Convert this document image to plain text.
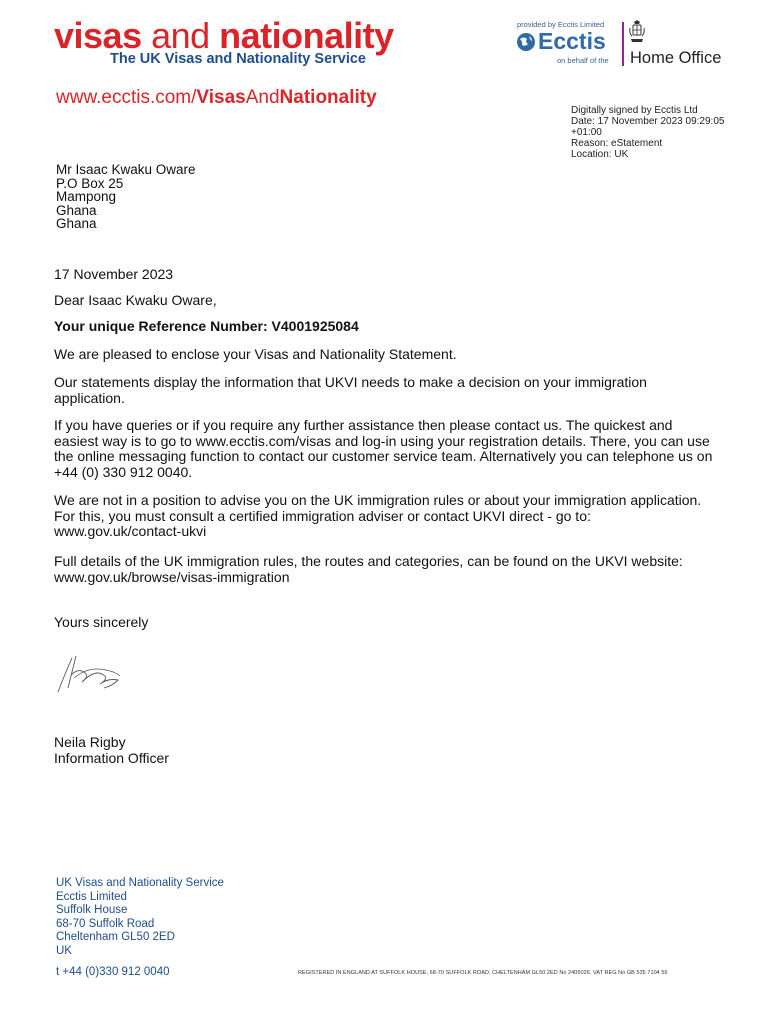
visas and nationality
The UK Visas and Nationality Service
www.ecctis.com/VisasAndNationality
provided by Ecctis Limited
Ecctis
on behalf of the Home Office
Digitally signed by Ecctis Ltd
Date: 17 November 2023 09:29:05
+01:00
Reason: eStatement
Location: UK
Mr Isaac Kwaku Oware
P.O Box 25
Mampong
Ghana
Ghana

17 November 2023

Dear Isaac Kwaku Oware,

Your unique Reference Number: V4001925084

We are pleased to enclose your Visas and Nationality Statement.

Our statements display the information that UKVI needs to make a decision on your immigration application.

If you have queries or if you require any further assistance then please contact us. The quickest and easiest way is to go to www.ecctis.com/visas and log-in using your registration details. There, you can use the online messaging function to contact our customer service team. Alternatively you can telephone us on +44 (0) 330 912 0040.

We are not in a position to advise you on the UK immigration rules or about your immigration application. For this, you must consult a certified immigration adviser or contact UKVI direct - go to: www.gov.uk/contact-ukvi

Full details of the UK immigration rules, the routes and categories, can be found on the UKVI website: www.gov.uk/browse/visas-immigration

Yours sincerely

Neila Rigby

Information Officer

UK Visas and Nationality Service
Ecctis Limited
Suffolk House
68-70 Suffolk Road
Cheltenham GL50 2ED
UK
t +44 (0)330 912 0040	REGISTERED IN ENGLAND AT SUFFOLK HOUSE, 68-70 SUFFOLK ROAD, CHELTENHAM GL50 2ED No 2405026. VAT REG No GB 535 7104 56
